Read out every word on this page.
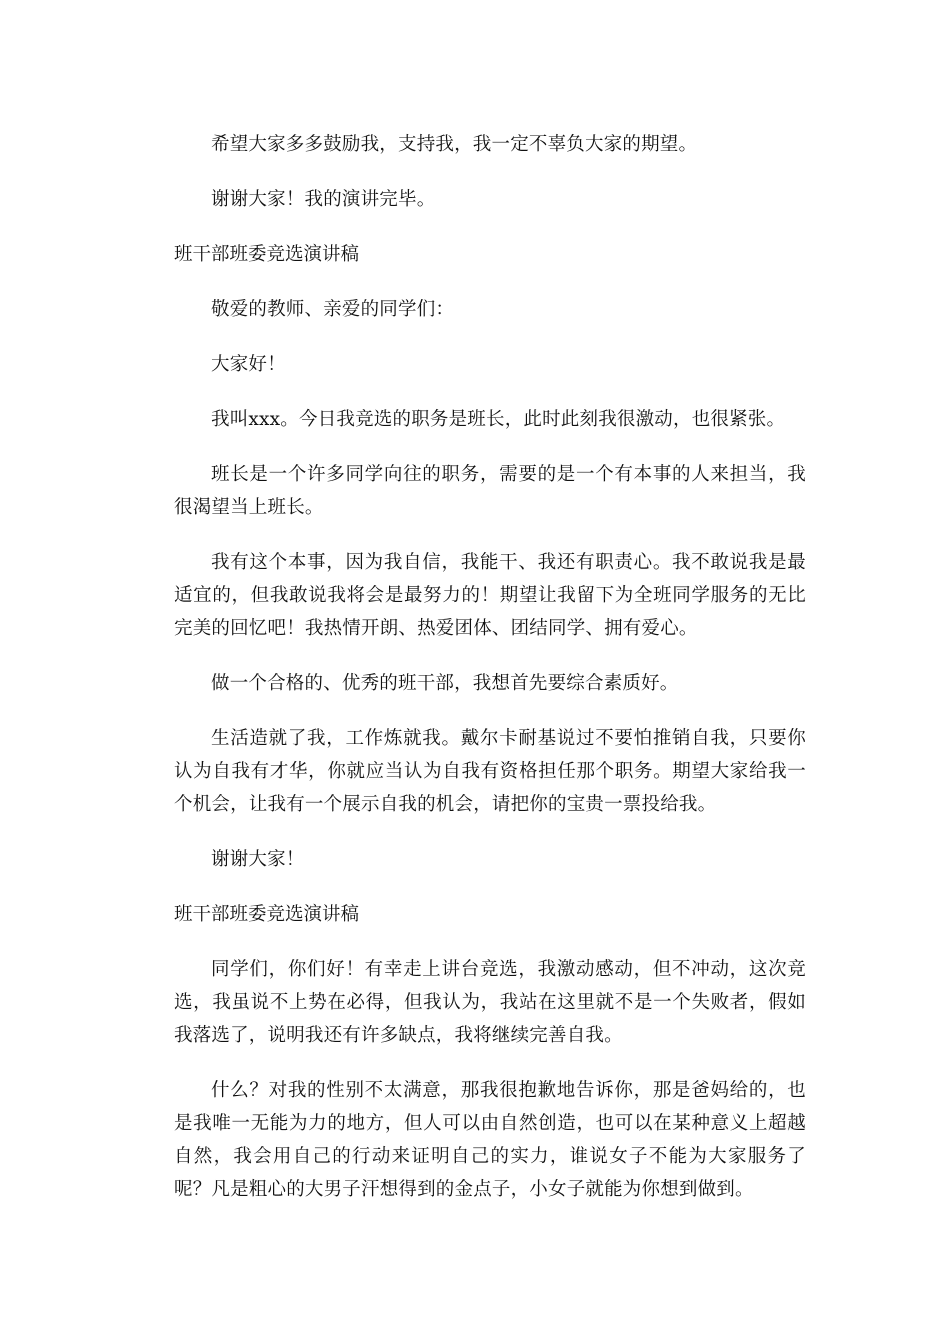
希望大家多多鼓励我，支持我，我一定不辜负大家的期望。

谢谢大家！我的演讲完毕。

班干部班委竞选演讲稿

敬爱的教师、亲爱的同学们：

大家好！

我叫xxx。今日我竞选的职务是班长，此时此刻我很激动，也很紧张。

班长是一个许多同学向往的职务，需要的是一个有本事的人来担当，我很渴望当上班长。

我有这个本事，因为我自信，我能干、我还有职责心。我不敢说我是最适宜的，但我敢说我将会是最努力的！期望让我留下为全班同学服务的无比完美的回忆吧！我热情开朗、热爱团体、团结同学、拥有爱心。

做一个合格的、优秀的班干部，我想首先要综合素质好。

生活造就了我，工作炼就我。戴尔卡耐基说过不要怕推销自我，只要你认为自我有才华，你就应当认为自我有资格担任那个职务。期望大家给我一个机会，让我有一个展示自我的机会，请把你的宝贵一票投给我。

谢谢大家！

班干部班委竞选演讲稿

同学们，你们好！有幸走上讲台竞选，我激动感动，但不冲动，这次竞选，我虽说不上势在必得，但我认为，我站在这里就不是一个失败者，假如我落选了，说明我还有许多缺点，我将继续完善自我。

什么？对我的性别不太满意，那我很抱歉地告诉你，那是爸妈给的，也是我唯一无能为力的地方，但人可以由自然创造，也可以在某种意义上超越自然，我会用自己的行动来证明自己的实力，谁说女子不能为大家服务了呢？凡是粗心的大男子汗想得到的金点子，小女子就能为你想到做到。
